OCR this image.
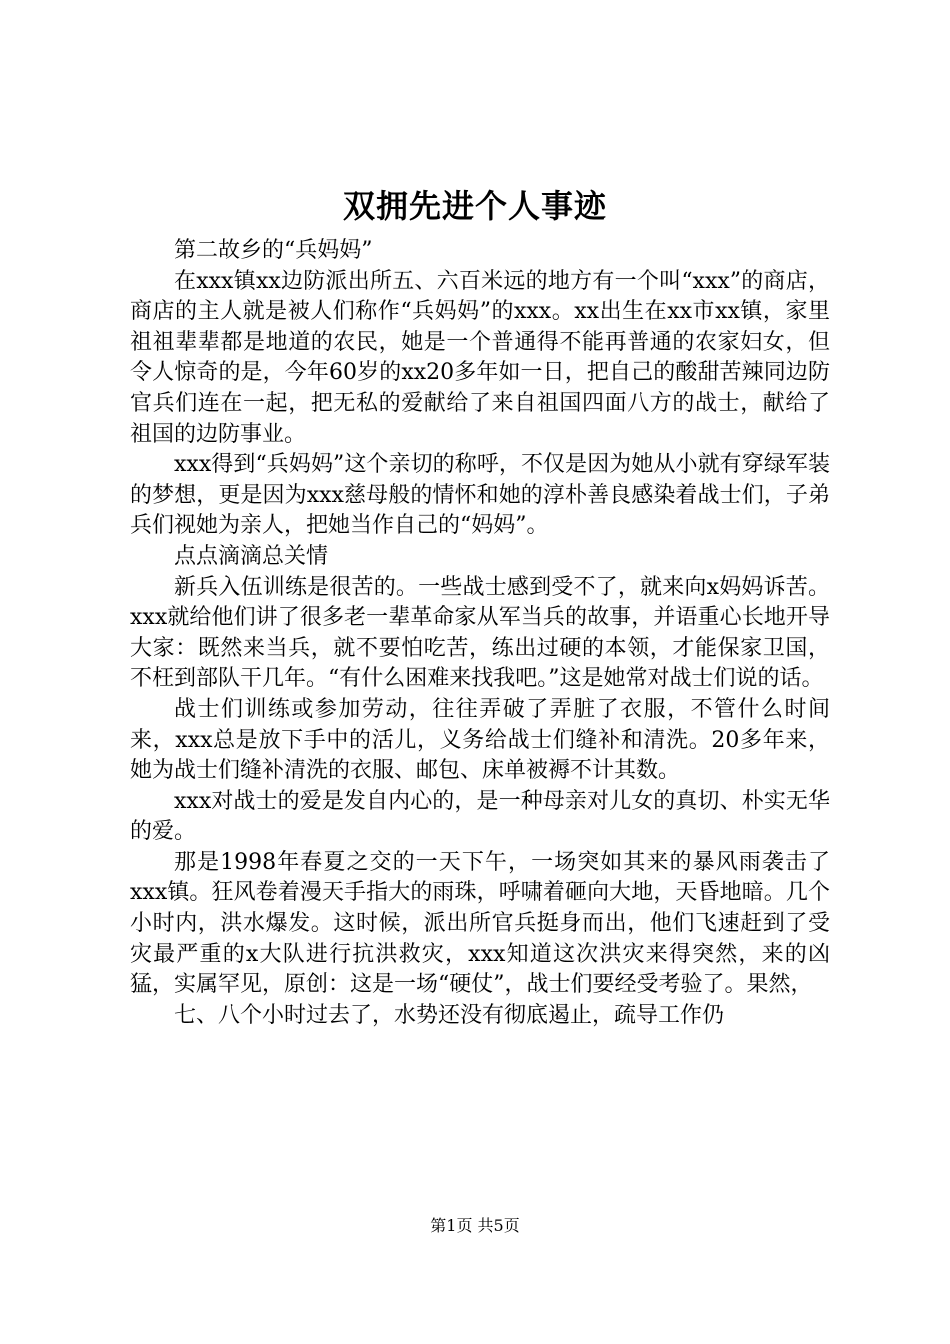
双拥先进个人事迹

第二故乡的“兵妈妈”

在xxx镇xx边防派出所五、六百米远的地方有一个叫“xxx”的商店，商店的主人就是被人们称作“兵妈妈”的xxx。xx出生在xx市xx镇，家里祖祖辈辈都是地道的农民，她是一个普通得不能再普通的农家妇女，但令人惊奇的是，今年60岁的xx20多年如一日，把自己的酸甜苦辣同边防官兵们连在一起，把无私的爱献给了来自祖国四面八方的战士，献给了祖国的边防事业。

xxx得到“兵妈妈”这个亲切的称呼，不仅是因为她从小就有穿绿军装的梦想，更是因为xxx慈母般的情怀和她的淳朴善良感染着战士们，子弟兵们视她为亲人，把她当作自己的“妈妈”。

点点滴滴总关情

新兵入伍训练是很苦的。一些战士感到受不了，就来向x妈妈诉苦。xxx就给他们讲了很多老一辈革命家从军当兵的故事，并语重心长地开导大家：既然来当兵，就不要怕吃苦，练出过硬的本领，才能保家卫国，不枉到部队干几年。“有什么困难来找我吧。”这是她常对战士们说的话。

战士们训练或参加劳动，往往弄破了弄脏了衣服，不管什么时间来，xxx总是放下手中的活儿，义务给战士们缝补和清洗。20多年来，她为战士们缝补清洗的衣服、邮包、床单被褥不计其数。

xxx对战士的爱是发自内心的，是一种母亲对儿女的真切、朴实无华的爱。

那是1998年春夏之交的一天下午，一场突如其来的暴风雨袭击了xxx镇。狂风卷着漫天手指大的雨珠，呼啸着砸向大地，天昏地暗。几个小时内，洪水爆发。这时候，派出所官兵挺身而出，他们飞速赶到了受灾最严重的x大队进行抗洪救灾，xxx知道这次洪灾来得突然，来的凶猛，实属罕见，原创：这是一场“硬仗”，战士们要经受考验了。果然，

七、八个小时过去了，水势还没有彻底遏止，疏导工作仍

第1页 共5页
